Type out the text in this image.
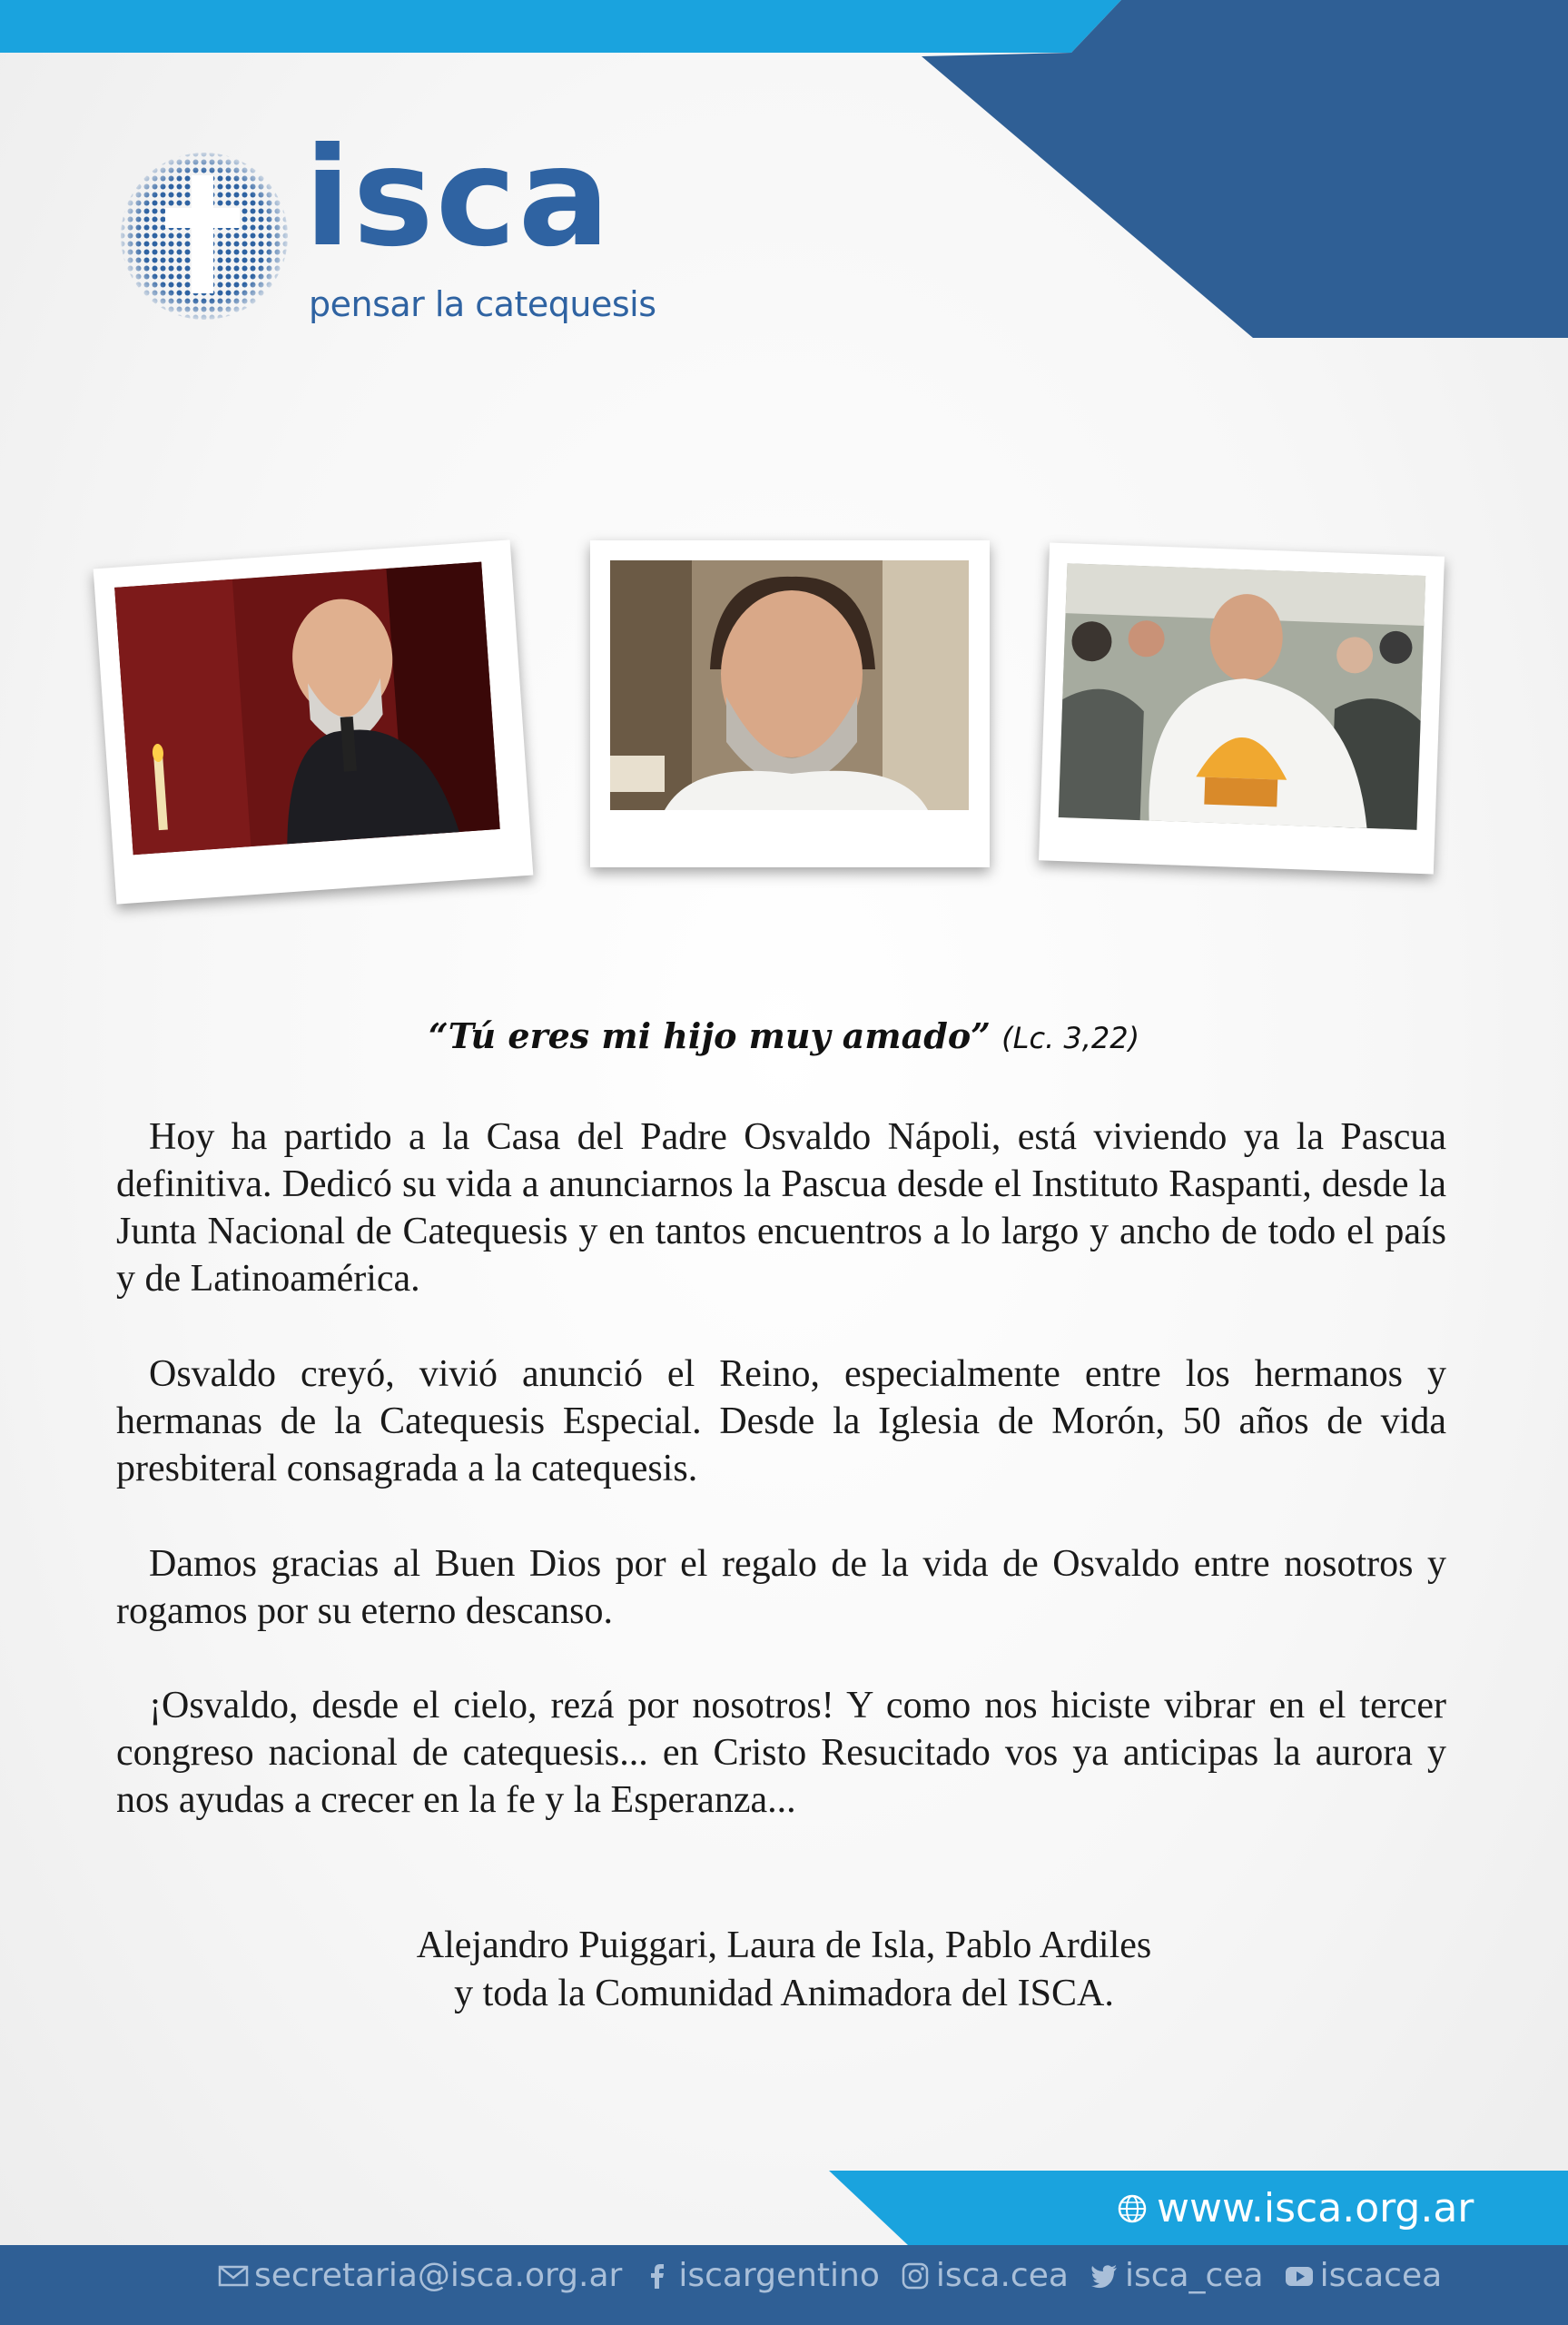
isca
pensar la catequesis
“Tú eres mi hijo muy amado” (Lc. 3,22)
Hoy ha partido a la Casa del Padre Osvaldo Nápoli, está viviendo ya la Pascua definitiva. Dedicó su vida a anunciarnos la Pascua desde el Instituto Raspanti, desde la Junta Nacional de Catequesis y en tantos encuentros a lo largo y ancho de todo el país y de Latinoamérica.
Osvaldo creyó, vivió anunció el Reino, especialmente entre los hermanos y hermanas de la Catequesis Especial. Desde la Iglesia de Morón, 50 años de vida presbiteral consagrada a la catequesis.
Damos gracias al Buen Dios por el regalo de la vida de Osvaldo entre nosotros y rogamos por su eterno descanso.
¡Osvaldo, desde el cielo, rezá por nosotros! Y como nos hiciste vibrar en el tercer congreso nacional de catequesis... en Cristo Resucitado vos ya anticipas la aurora y nos ayudas a crecer en la fe y la Esperanza...
Alejandro Puiggari, Laura de Isla, Pablo Ardiles
y toda la Comunidad Animadora del ISCA.
www.isca.org.ar
secretaria@isca.org.ar iscargentino isca.cea isca_cea iscacea
